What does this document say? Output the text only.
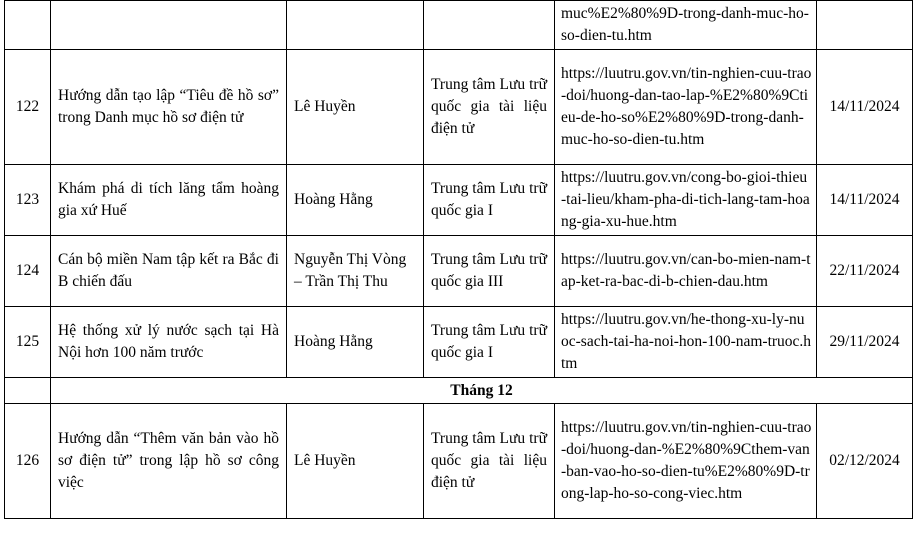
				muc%E2%80%9D-trong-danh-muc-ho-so-dien-tu.htm	
122	Hướng dẫn tạo lập “Tiêu đề hồ sơ” trong Danh mục hồ sơ điện tử	Lê Huyền	Trung tâm Lưu trữ quốc gia tài liệu điện tử	https://luutru.gov.vn/tin-nghien-cuu-trao-doi/huong-dan-tao-lap-%E2%80%9Ctieu-de-ho-so%E2%80%9D-trong-danh-muc-ho-so-dien-tu.htm	14/11/2024
123	Khám phá di tích lăng tẩm hoàng gia xứ Huế	Hoàng Hằng	Trung tâm Lưu trữ quốc gia I	https://luutru.gov.vn/cong-bo-gioi-thieu-tai-lieu/kham-pha-di-tich-lang-tam-hoang-gia-xu-hue.htm	14/11/2024
124	Cán bộ miền Nam tập kết ra Bắc đi B chiến đấu	Nguyễn Thị Vòng – Trần Thị Thu	Trung tâm Lưu trữ quốc gia III	https://luutru.gov.vn/can-bo-mien-nam-tap-ket-ra-bac-di-b-chien-dau.htm	22/11/2024
125	Hệ thống xử lý nước sạch tại Hà Nội hơn 100 năm trước	Hoàng Hằng	Trung tâm Lưu trữ quốc gia I	https://luutru.gov.vn/he-thong-xu-ly-nuoc-sach-tai-ha-noi-hon-100-nam-truoc.htm	29/11/2024
	Tháng 12				
126	Hướng dẫn “Thêm văn bản vào hồ sơ điện tử” trong lập hồ sơ công việc	Lê Huyền	Trung tâm Lưu trữ quốc gia tài liệu điện tử	https://luutru.gov.vn/tin-nghien-cuu-trao-doi/huong-dan-%E2%80%9Cthem-van-ban-vao-ho-so-dien-tu%E2%80%9D-trong-lap-ho-so-cong-viec.htm	02/12/2024
